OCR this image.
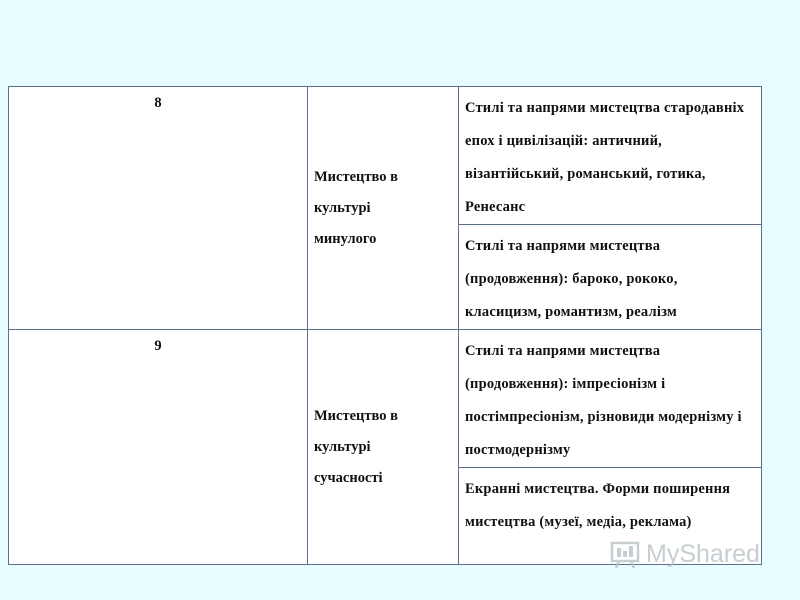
8	Мистецтво в культурі минулого	Стилі та напрями мистецтва стародавніх епох і цивілізацій: античний, візантійський, романський, готика, Ренесанс

		Стилі та напрями мистецтва (продовження): бароко, рококо, класицизм, романтизм, реалізм

9	Мистецтво в культурі сучасності	Стилі та напрями мистецтва (продовження): імпресіонізм і постімпресіонізм, різновиди модернізму і постмодернізму

		Екранні мистецтва. Форми поширення мистецтва (музеї, медіа, реклама)
MyShared
